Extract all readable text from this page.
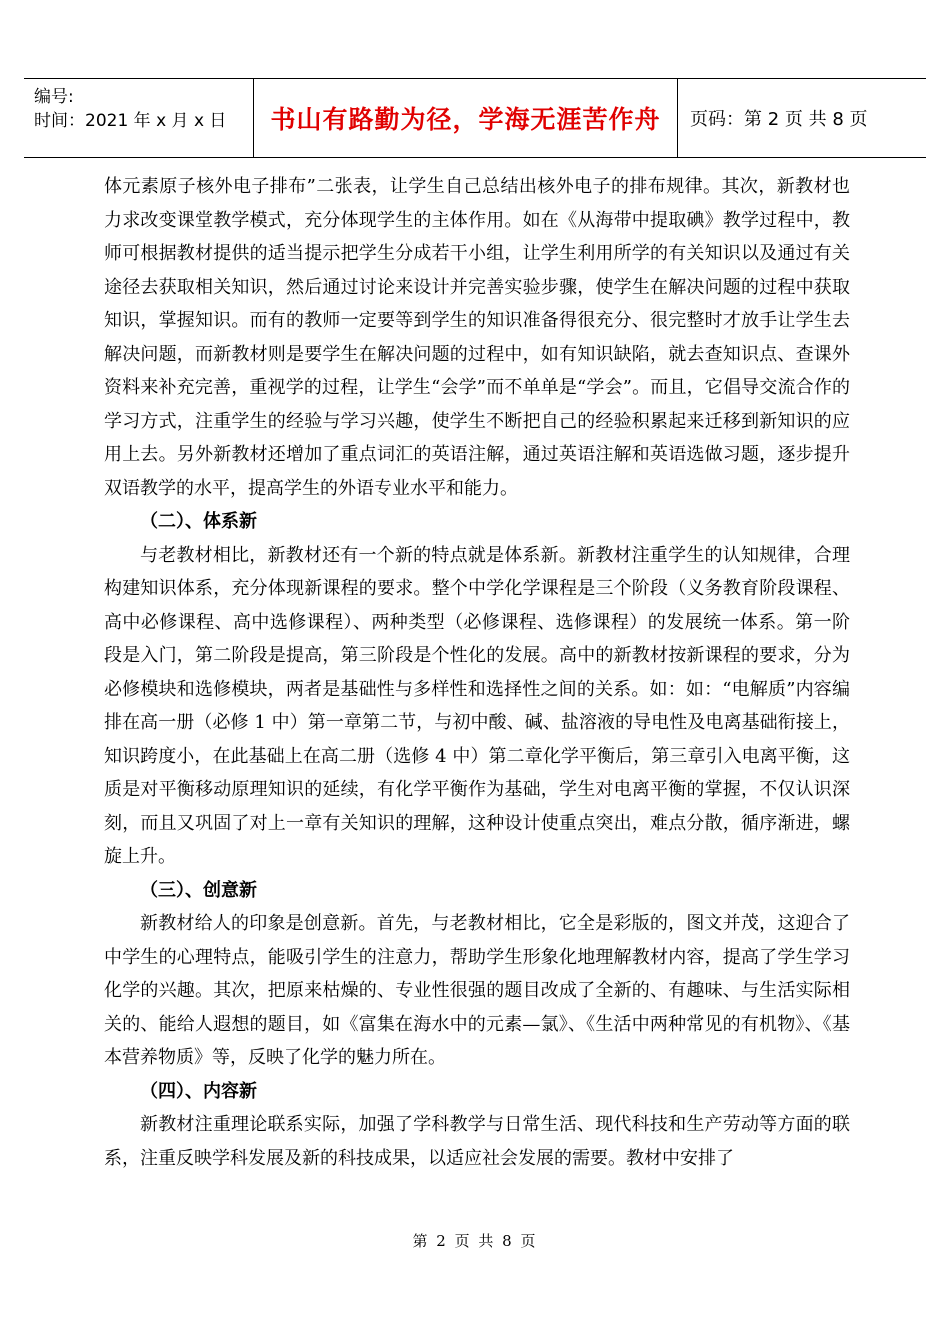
编号:
时间：2021 年 x 月 x 日	书山有路勤为径，学海无涯苦作舟	页码：第 2 页 共 8 页

体元素原子核外电子排布”二张表，让学生自己总结出核外电子的排布规律。其次，新教材也力求改变课堂教学模式，充分体现学生的主体作用。如在《从海带中提取碘》教学过程中，教师可根据教材提供的适当提示把学生分成若干小组，让学生利用所学的有关知识以及通过有关途径去获取相关知识，然后通过讨论来设计并完善实验步骤，使学生在解决问题的过程中获取知识，掌握知识。而有的教师一定要等到学生的知识准备得很充分、很完整时才放手让学生去解决问题，而新教材则是要学生在解决问题的过程中，如有知识缺陷，就去查知识点、查课外资料来补充完善，重视学的过程，让学生“会学”而不单单是“学会”。而且，它倡导交流合作的学习方式，注重学生的经验与学习兴趣，使学生不断把自己的经验积累起来迁移到新知识的应用上去。另外新教材还增加了重点词汇的英语注解，通过英语注解和英语选做习题，逐步提升双语教学的水平，提高学生的外语专业水平和能力。

（二）、体系新

与老教材相比，新教材还有一个新的特点就是体系新。新教材注重学生的认知规律，合理构建知识体系，充分体现新课程的要求。整个中学化学课程是三个阶段（义务教育阶段课程、高中必修课程、高中选修课程）、两种类型（必修课程、选修课程）的发展统一体系。第一阶段是入门，第二阶段是提高，第三阶段是个性化的发展。高中的新教材按新课程的要求，分为必修模块和选修模块，两者是基础性与多样性和选择性之间的关系。如：如：“电解质”内容编排在高一册（必修 1 中）第一章第二节，与初中酸、碱、盐溶液的导电性及电离基础衔接上，知识跨度小，在此基础上在高二册（选修 4 中）第二章化学平衡后，第三章引入电离平衡，这质是对平衡移动原理知识的延续，有化学平衡作为基础，学生对电离平衡的掌握，不仅认识深刻，而且又巩固了对上一章有关知识的理解，这种设计使重点突出，难点分散，循序渐进，螺旋上升。

（三）、创意新

新教材给人的印象是创意新。首先，与老教材相比，它全是彩版的，图文并茂，这迎合了中学生的心理特点，能吸引学生的注意力，帮助学生形象化地理解教材内容，提高了学生学习化学的兴趣。其次，把原来枯燥的、专业性很强的题目改成了全新的、有趣味、与生活实际相关的、能给人遐想的题目，如《富集在海水中的元素—氯》、《生活中两种常见的有机物》、《基本营养物质》等，反映了化学的魅力所在。

（四）、内容新

新教材注重理论联系实际，加强了学科教学与日常生活、现代科技和生产劳动等方面的联系，注重反映学科发展及新的科技成果，以适应社会发展的需要。教材中安排了

第 2 页 共 8 页
